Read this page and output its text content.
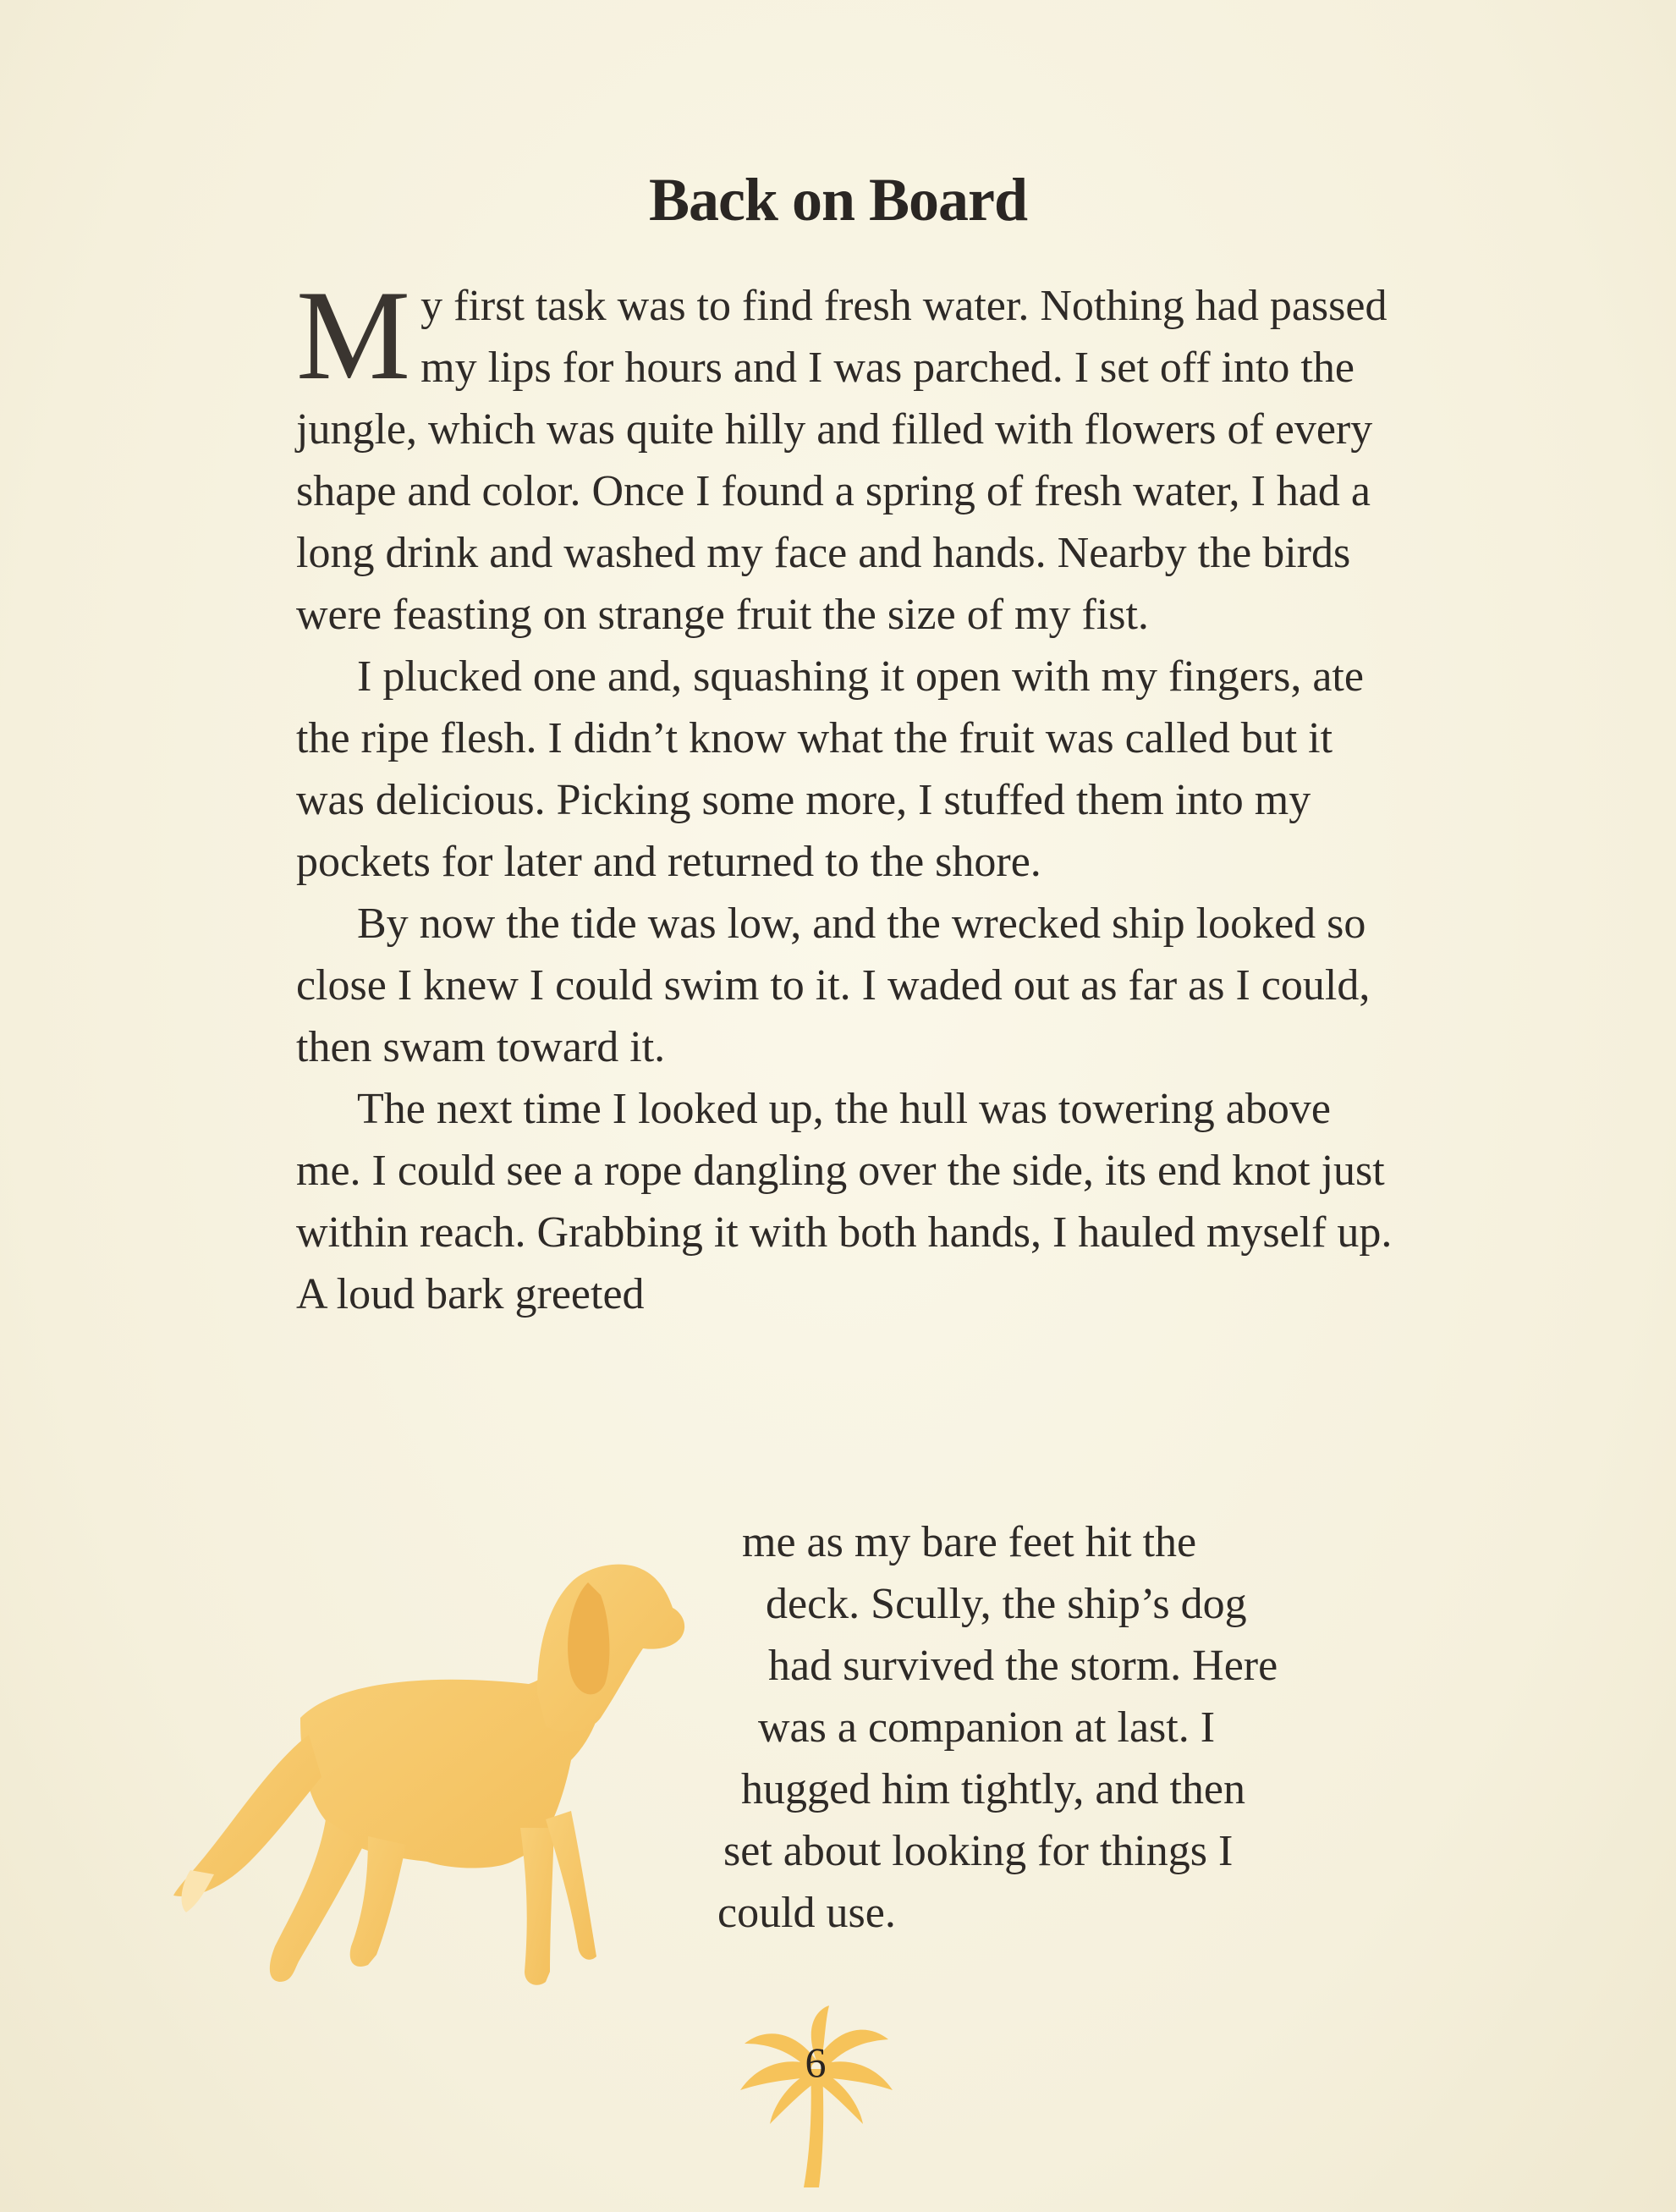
Back on Board

My first task was to find fresh water. Nothing had passed my lips for hours and I was parched. I set off into the jungle, which was quite hilly and filled with flowers of every shape and color. Once I found a spring of fresh water, I had a long drink and washed my face and hands. Nearby the birds were feasting on strange fruit the size of my fist.

I plucked one and, squashing it open with my fingers, ate the ripe flesh. I didn’t know what the fruit was called but it was delicious. Picking some more, I stuffed them into my pockets for later and returned to the shore.

By now the tide was low, and the wrecked ship looked so close I knew I could swim to it. I waded out as far as I could, then swam toward it.

The next time I looked up, the hull was towering above me. I could see a rope dangling over the side, its end knot just within reach. Grabbing it with both hands, I hauled myself up. A loud bark greeted

me as my bare feet hit the
deck. Scully, the ship’s dog
had survived the storm. Here
was a companion at last. I
hugged him tightly, and then
set about looking for things I
could use.
6
